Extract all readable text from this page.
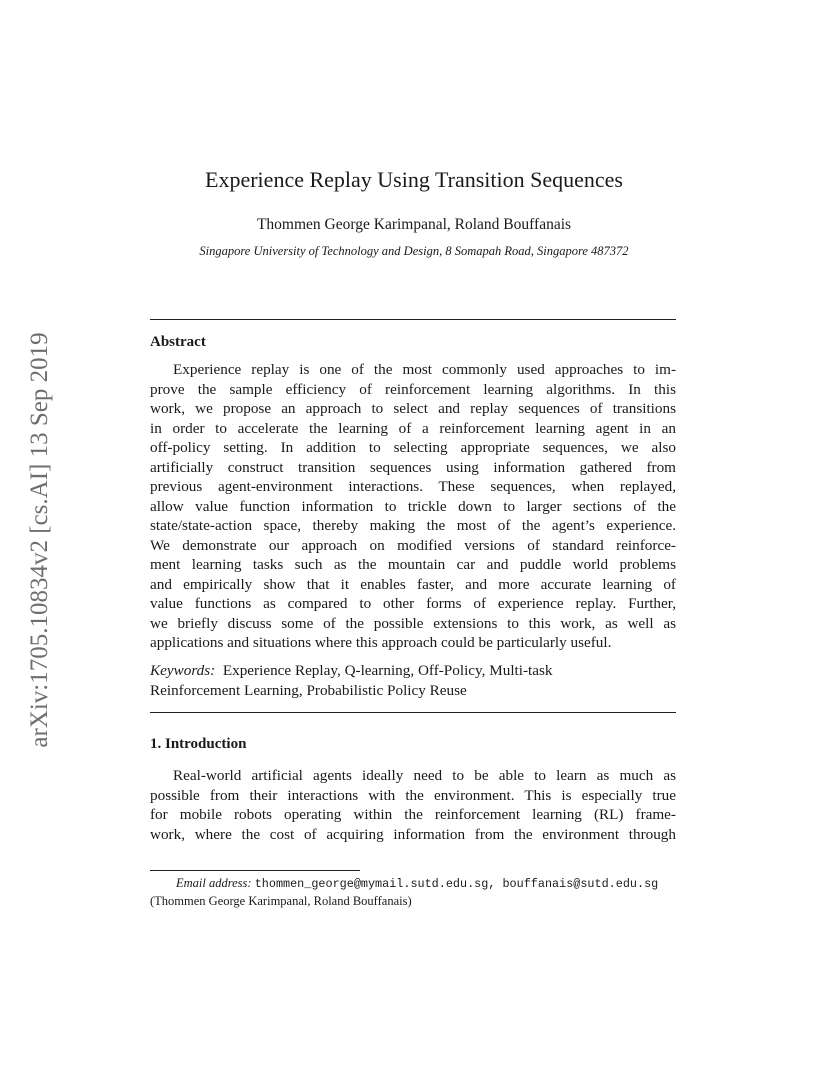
arXiv:1705.10834v2 [cs.AI] 13 Sep 2019
Experience Replay Using Transition Sequences
Thommen George Karimpanal, Roland Bouffanais
Singapore University of Technology and Design, 8 Somapah Road, Singapore 487372
Abstract
Experience replay is one of the most commonly used approaches to im-
prove the sample efficiency of reinforcement learning algorithms. In this
work, we propose an approach to select and replay sequences of transitions
in order to accelerate the learning of a reinforcement learning agent in an
off-policy setting. In addition to selecting appropriate sequences, we also
artificially construct transition sequences using information gathered from
previous agent-environment interactions. These sequences, when replayed,
allow value function information to trickle down to larger sections of the
state/state-action space, thereby making the most of the agent’s experience.
We demonstrate our approach on modified versions of standard reinforce-
ment learning tasks such as the mountain car and puddle world problems
and empirically show that it enables faster, and more accurate learning of
value functions as compared to other forms of experience replay. Further,
we briefly discuss some of the possible extensions to this work, as well as
applications and situations where this approach could be particularly useful.
Keywords: Experience Replay, Q-learning, Off-Policy, Multi-task
Reinforcement Learning, Probabilistic Policy Reuse
1. Introduction
Real-world artificial agents ideally need to be able to learn as much as
possible from their interactions with the environment. This is especially true
for mobile robots operating within the reinforcement learning (RL) frame-
work, where the cost of acquiring information from the environment through
Email address: thommen_george@mymail.sutd.edu.sg, bouffanais@sutd.edu.sg
(Thommen George Karimpanal, Roland Bouffanais)
